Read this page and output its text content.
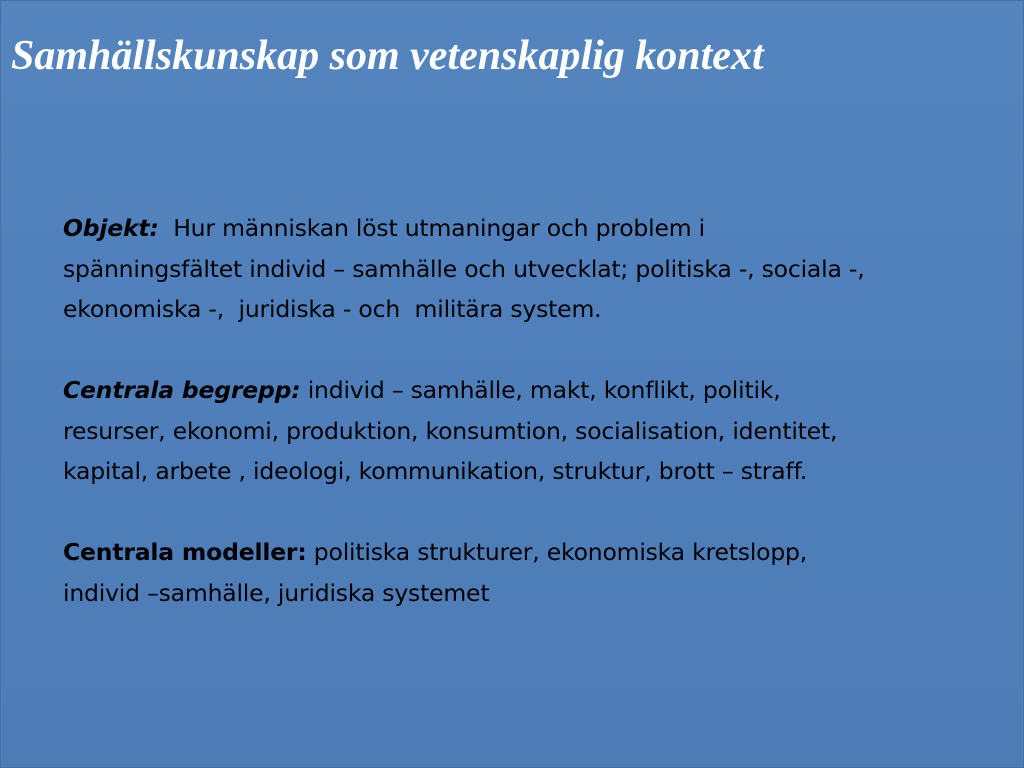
Samhällskunskap som vetenskaplig kontext

Objekt:  Hur människan löst utmaningar och problem i
spänningsfältet individ – samhälle och utvecklat; politiska -, sociala -,
ekonomiska -,  juridiska - och  militära system.

Centrala begrepp: individ – samhälle, makt, konflikt, politik,
resurser, ekonomi, produktion, konsumtion, socialisation, identitet,
kapital, arbete , ideologi, kommunikation, struktur, brott – straff.

Centrala modeller: politiska strukturer, ekonomiska kretslopp,
individ –samhälle, juridiska systemet
